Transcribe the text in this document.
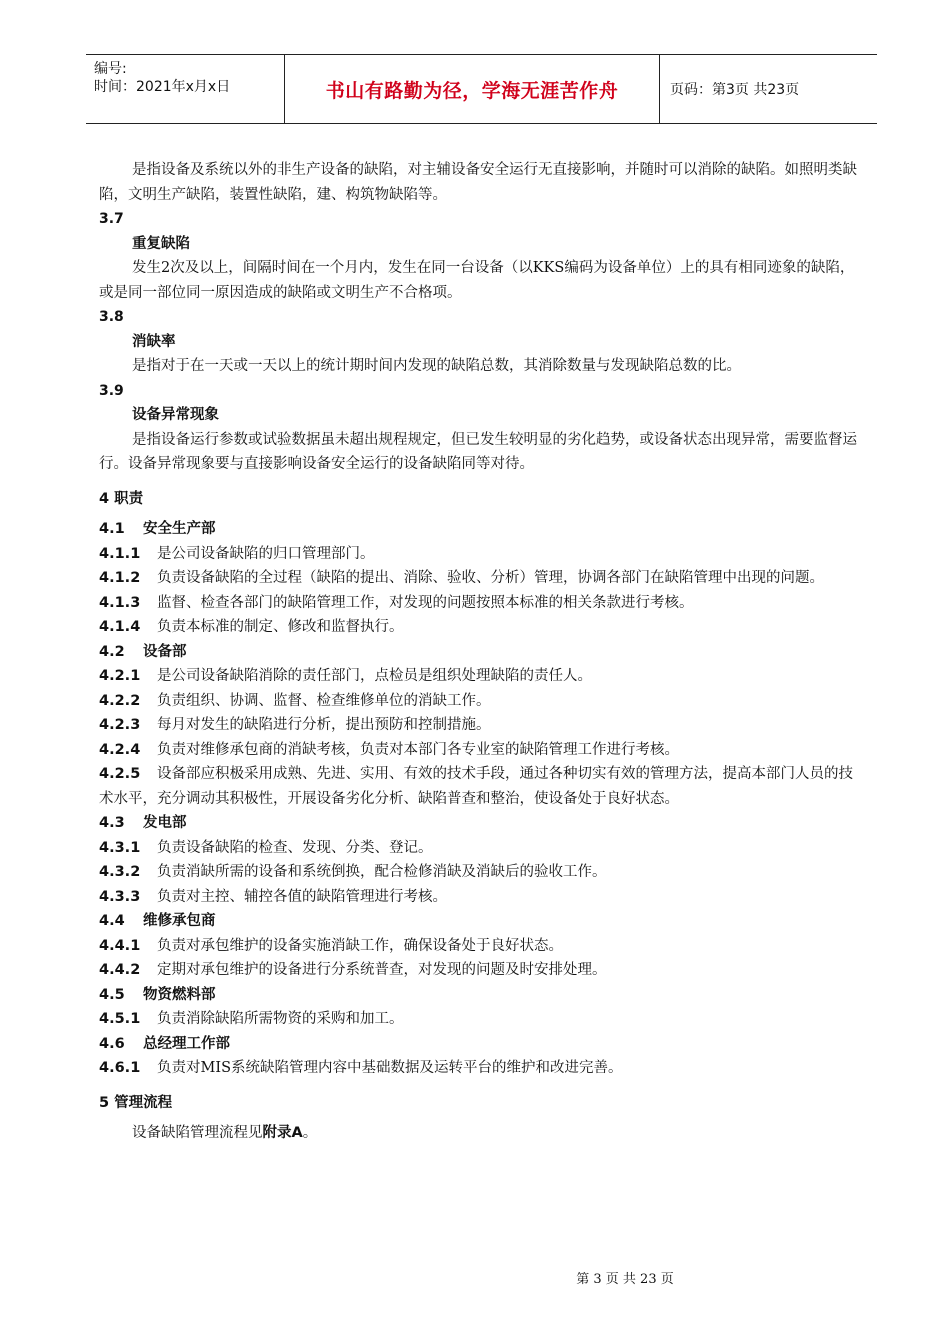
编号:
时间：2021年x月x日	书山有路勤为径，学海无涯苦作舟	页码：第3页 共23页

是指设备及系统以外的非生产设备的缺陷，对主辅设备安全运行无直接影响，并随时可以消除的缺陷。如照明类缺陷，文明生产缺陷，装置性缺陷，建、构筑物缺陷等。

3.7
重复缺陷

发生2次及以上，间隔时间在一个月内，发生在同一台设备（以KKS编码为设备单位）上的具有相同迹象的缺陷，或是同一部位同一原因造成的缺陷或文明生产不合格项。

3.8
消缺率

是指对于在一天或一天以上的统计期时间内发现的缺陷总数，其消除数量与发现缺陷总数的比。

3.9
设备异常现象

是指设备运行参数或试验数据虽未超出规程规定，但已发生较明显的劣化趋势，或设备状态出现异常，需要监督运行。设备异常现象要与直接影响设备安全运行的设备缺陷同等对待。

4 职责
4.1 安全生产部
4.1.1 是公司设备缺陷的归口管理部门。
4.1.2 负责设备缺陷的全过程（缺陷的提出、消除、验收、分析）管理，协调各部门在缺陷管理中出现的问题。
4.1.3 监督、检查各部门的缺陷管理工作，对发现的问题按照本标准的相关条款进行考核。
4.1.4 负责本标准的制定、修改和监督执行。
4.2 设备部
4.2.1 是公司设备缺陷消除的责任部门，点检员是组织处理缺陷的责任人。
4.2.2 负责组织、协调、监督、检查维修单位的消缺工作。
4.2.3 每月对发生的缺陷进行分析，提出预防和控制措施。
4.2.4 负责对维修承包商的消缺考核，负责对本部门各专业室的缺陷管理工作进行考核。
4.2.5 设备部应积极采用成熟、先进、实用、有效的技术手段，通过各种切实有效的管理方法，提高本部门人员的技术水平，充分调动其积极性，开展设备劣化分析、缺陷普查和整治，使设备处于良好状态。
4.3 发电部
4.3.1 负责设备缺陷的检查、发现、分类、登记。
4.3.2 负责消缺所需的设备和系统倒换，配合检修消缺及消缺后的验收工作。
4.3.3 负责对主控、辅控各值的缺陷管理进行考核。
4.4 维修承包商
4.4.1 负责对承包维护的设备实施消缺工作，确保设备处于良好状态。
4.4.2 定期对承包维护的设备进行分系统普查，对发现的问题及时安排处理。
4.5 物资燃料部
4.5.1 负责消除缺陷所需物资的采购和加工。
4.6 总经理工作部
4.6.1 负责对MIS系统缺陷管理内容中基础数据及运转平台的维护和改进完善。
5 管理流程

设备缺陷管理流程见附录A。

第 3 页 共 23 页
